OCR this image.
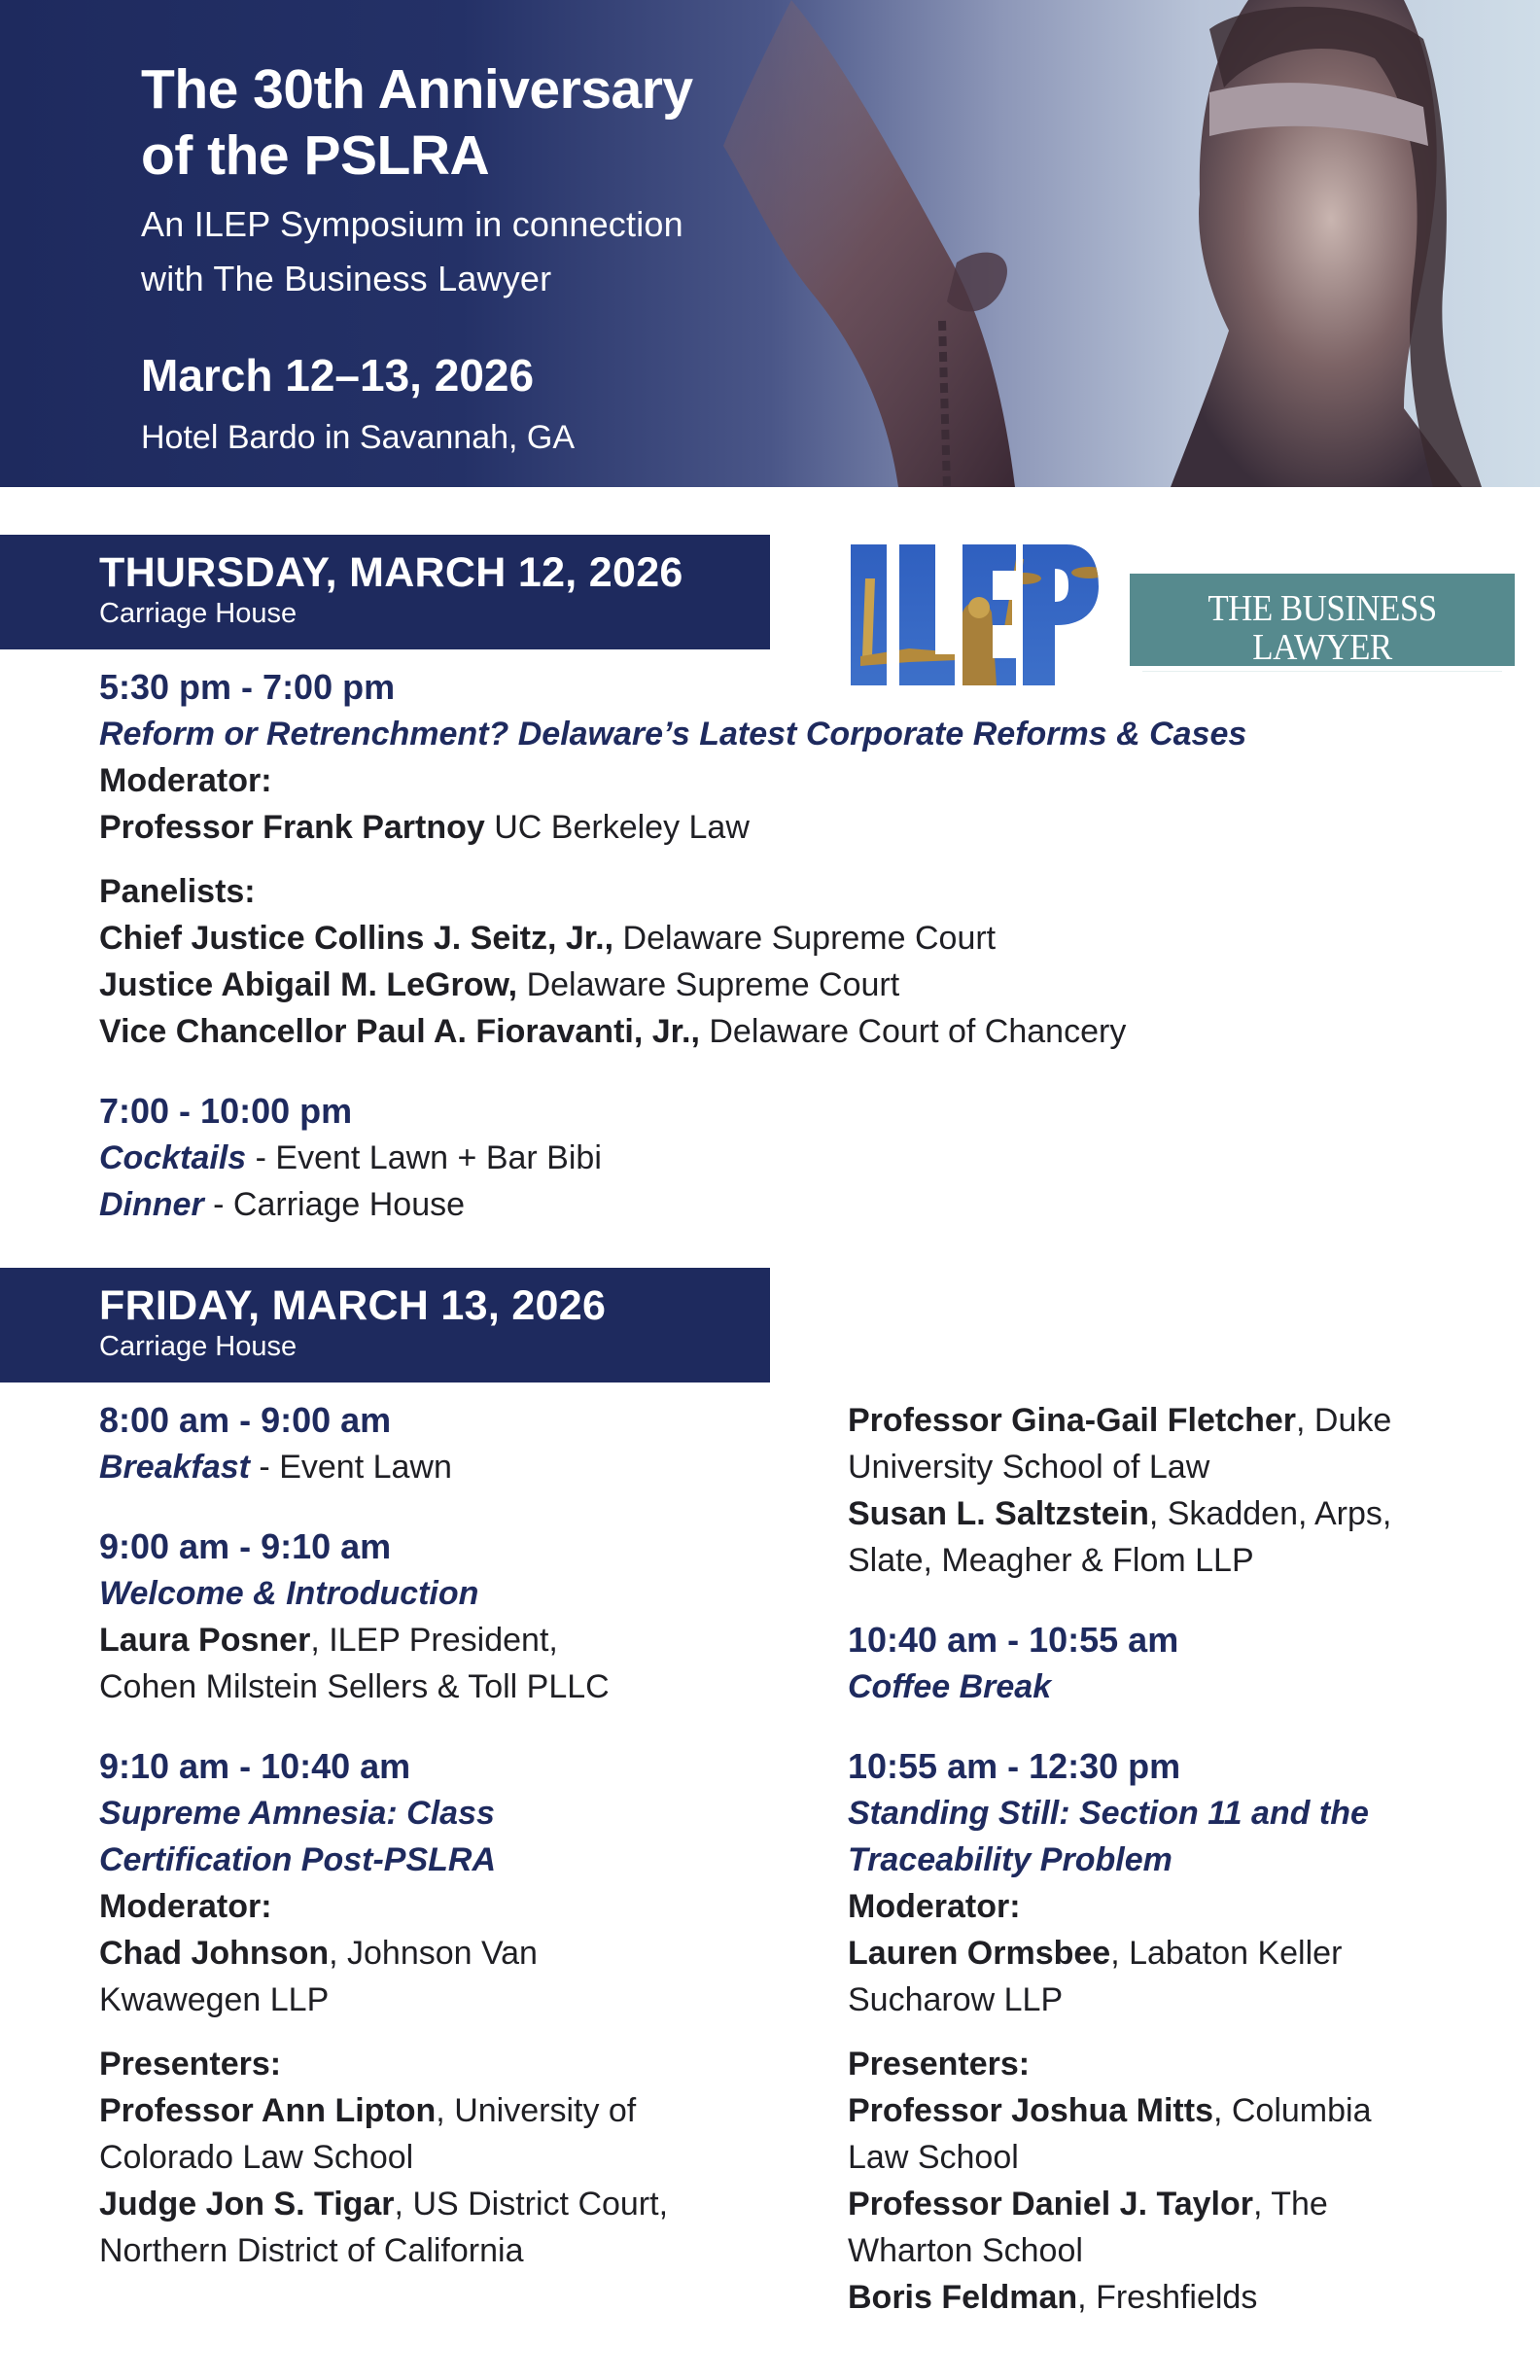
The 30th Anniversary
of the PSLRA
An ILEP Symposium in connection
with The Business Lawyer
March 12–13, 2026
Hotel Bardo in Savannah, GA
THURSDAY, MARCH 12, 2026
Carriage House	THE BUSINESS LAWYER
Business Law Section • American Bar Association
5:30 pm - 7:00 pm
Reform or Retrenchment? Delaware’s Latest Corporate Reforms & Cases
Moderator:
Professor Frank Partnoy UC Berkeley Law
Panelists:
Chief Justice Collins J. Seitz, Jr., Delaware Supreme Court
Justice Abigail M. LeGrow, Delaware Supreme Court
Vice Chancellor Paul A. Fioravanti, Jr., Delaware Court of Chancery
7:00 - 10:00 pm
Cocktails - Event Lawn + Bar Bibi
Dinner - Carriage House
FRIDAY, MARCH 13, 2026
Carriage House
8:00 am - 9:00 am
Breakfast - Event Lawn
9:00 am - 9:10 am
Welcome & Introduction
Laura Posner, ILEP President,
Cohen Milstein Sellers & Toll PLLC
9:10 am - 10:40 am
Supreme Amnesia: Class
Certification Post-PSLRA
Moderator:
Chad Johnson, Johnson Van
Kwawegen LLP
Presenters:
Professor Ann Lipton, University of
Colorado Law School
Judge Jon S. Tigar, US District Court,
Northern District of California
Professor Gina-Gail Fletcher, Duke
University School of Law
Susan L. Saltzstein, Skadden, Arps,
Slate, Meagher & Flom LLP
10:40 am - 10:55 am
Coffee Break
10:55 am - 12:30 pm
Standing Still: Section 11 and the
Traceability Problem
Moderator:
Lauren Ormsbee, Labaton Keller
Sucharow LLP
Presenters:
Professor Joshua Mitts, Columbia
Law School
Professor Daniel J. Taylor, The
Wharton School
Boris Feldman, Freshfields
